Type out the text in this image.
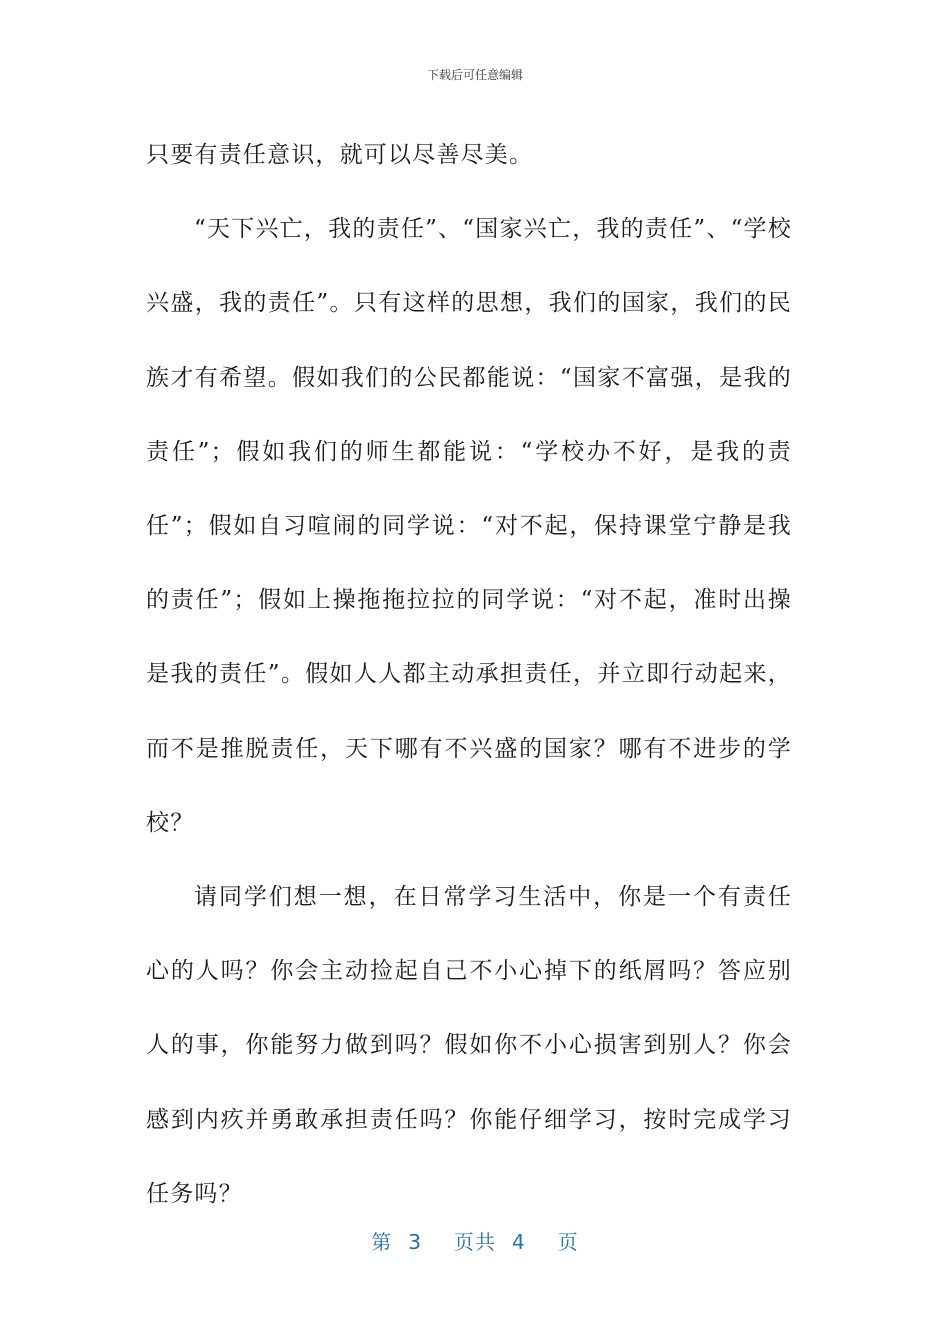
下载后可任意编辑

只要有责任意识，就可以尽善尽美。

“天下兴亡，我的责任”、“国家兴亡，我的责任”、“学校兴盛，我的责任”。只有这样的思想，我们的国家，我们的民族才有希望。假如我们的公民都能说：“国家不富强，是我的责任”；假如我们的师生都能说：“学校办不好，是我的责任”；假如自习喧闹的同学说：“对不起，保持课堂宁静是我的责任”；假如上操拖拖拉拉的同学说：“对不起，准时出操是我的责任”。假如人人都主动承担责任，并立即行动起来，而不是推脱责任，天下哪有不兴盛的国家？哪有不进步的学校？

请同学们想一想，在日常学习生活中，你是一个有责任心的人吗？你会主动捡起自己不小心掉下的纸屑吗？答应别人的事，你能努力做到吗？假如你不小心损害到别人？你会感到内疚并勇敢承担责任吗？你能仔细学习，按时完成学习任务吗？

第 3 页共 4 页
